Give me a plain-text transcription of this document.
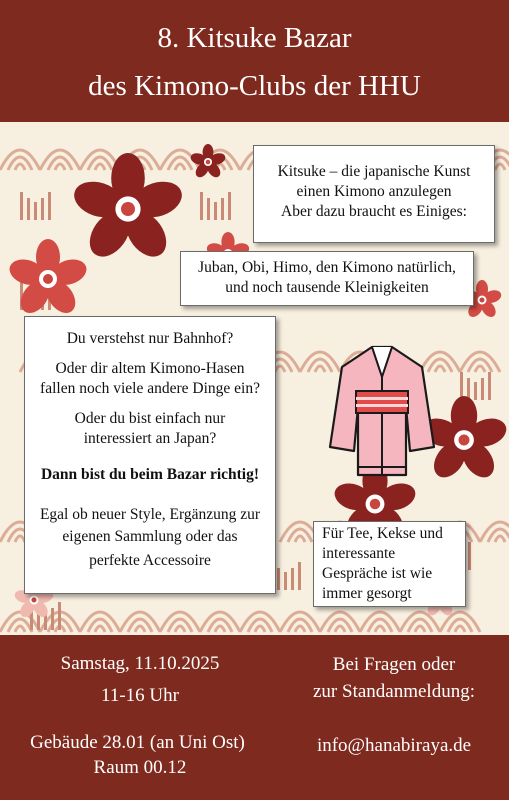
8. Kitsuke Bazar
des Kimono-Clubs der HHU

Kitsuke – die japanische Kunst

einen Kimono anzulegen

Aber dazu braucht es Einiges:

Juban, Obi, Himo, den Kimono natürlich,

und noch tausende Kleinigkeiten

Du verstehst nur Bahnhof?

Oder dir altem Kimono-Hasen

fallen noch viele andere Dinge ein?

Oder du bist einfach nur

interessiert an Japan?

Dann bist du beim Bazar richtig!

Egal ob neuer Style, Ergänzung zur

eigenen Sammlung oder das

perfekte Accessoire

Für Tee, Kekse und

interessante

Gespräche ist wie

immer gesorgt

Samstag, 11.10.2025
11-16 Uhr
Gebäude 28.01 (an Uni Ost)
Raum 00.12
Bei Fragen oder
zur Standanmeldung:
info@hanabiraya.de
